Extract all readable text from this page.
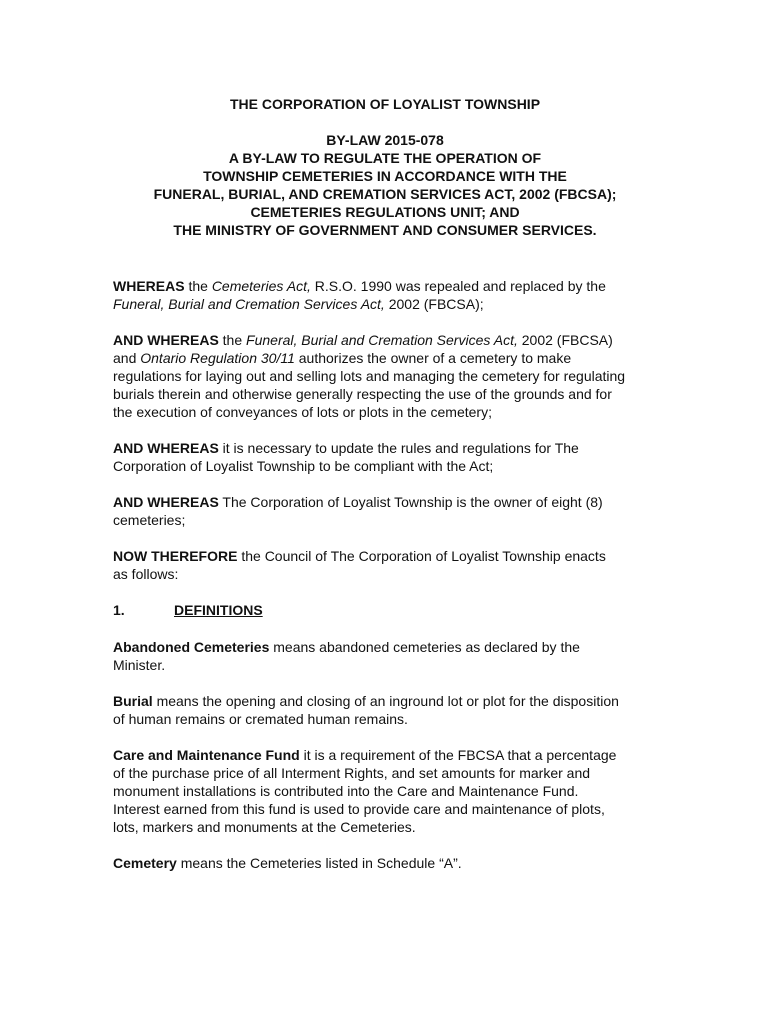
THE CORPORATION OF LOYALIST TOWNSHIP
BY-LAW 2015-078
A BY-LAW TO REGULATE THE OPERATION OF
TOWNSHIP CEMETERIES IN ACCORDANCE WITH THE
FUNERAL, BURIAL, AND CREMATION SERVICES ACT, 2002 (FBCSA);
CEMETERIES REGULATIONS UNIT; AND
THE MINISTRY OF GOVERNMENT AND CONSUMER SERVICES.
WHEREAS the Cemeteries Act, R.S.O. 1990 was repealed and replaced by the
Funeral, Burial and Cremation Services Act, 2002 (FBCSA);
AND WHEREAS the Funeral, Burial and Cremation Services Act, 2002 (FBCSA)
and Ontario Regulation 30/11 authorizes the owner of a cemetery to make
regulations for laying out and selling lots and managing the cemetery for regulating
burials therein and otherwise generally respecting the use of the grounds and for
the execution of conveyances of lots or plots in the cemetery;
AND WHEREAS it is necessary to update the rules and regulations for The
Corporation of Loyalist Township to be compliant with the Act;
AND WHEREAS The Corporation of Loyalist Township is the owner of eight (8)
cemeteries;
NOW THEREFORE the Council of The Corporation of Loyalist Township enacts
as follows:
1.	DEFINITIONS
Abandoned Cemeteries means abandoned cemeteries as declared by the
Minister.
Burial means the opening and closing of an inground lot or plot for the disposition
of human remains or cremated human remains.
Care and Maintenance Fund it is a requirement of the FBCSA that a percentage
of the purchase price of all Interment Rights, and set amounts for marker and
monument installations is contributed into the Care and Maintenance Fund.
Interest earned from this fund is used to provide care and maintenance of plots,
lots, markers and monuments at the Cemeteries.
Cemetery means the Cemeteries listed in Schedule “A”.
